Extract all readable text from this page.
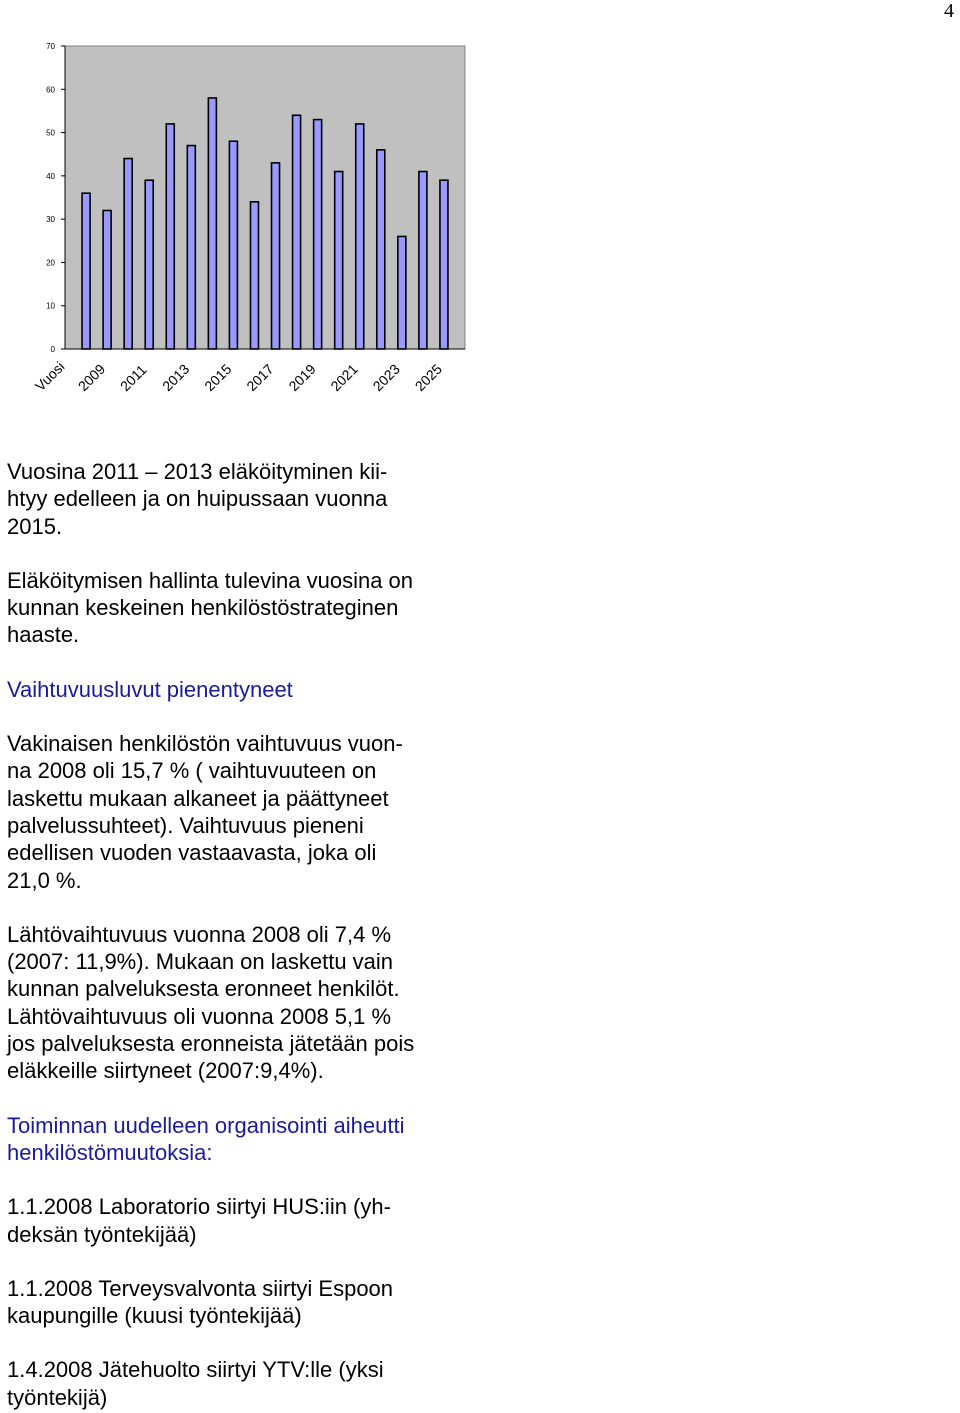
4
0
10
20
30
40
50
60
70
Vuosi 2009 2011 2013 2015 2017 2019 2021 2023 2025

Vuosina 2011 – 2013 eläköityminen kii-
htyy edelleen ja on huipussaan vuonna
2015.

Eläköitymisen hallinta tulevina vuosina on
kunnan keskeinen henkilöstöstrateginen
haaste.

Vaihtuvuusluvut pienentyneet

Vakinaisen henkilöstön vaihtuvuus vuon-
na 2008 oli 15,7 % ( vaihtuvuuteen on
laskettu mukaan alkaneet ja päättyneet
palvelussuhteet). Vaihtuvuus pieneni
edellisen vuoden vastaavasta, joka oli
21,0 %.

Lähtövaihtuvuus vuonna 2008 oli 7,4 %
(2007: 11,9%). Mukaan on laskettu vain
kunnan palveluksesta eronneet henkilöt.
Lähtövaihtuvuus oli vuonna 2008 5,1 %
jos palveluksesta eronneista jätetään pois
eläkkeille siirtyneet (2007:9,4%).

Toiminnan uudelleen organisointi aiheutti
henkilöstömuutoksia:

1.1.2008 Laboratorio siirtyi HUS:iin (yh-
deksän työntekijää)

1.1.2008 Terveysvalvonta siirtyi Espoon
kaupungille (kuusi työntekijää)

1.4.2008 Jätehuolto siirtyi YTV:lle (yksi
työntekijä)
